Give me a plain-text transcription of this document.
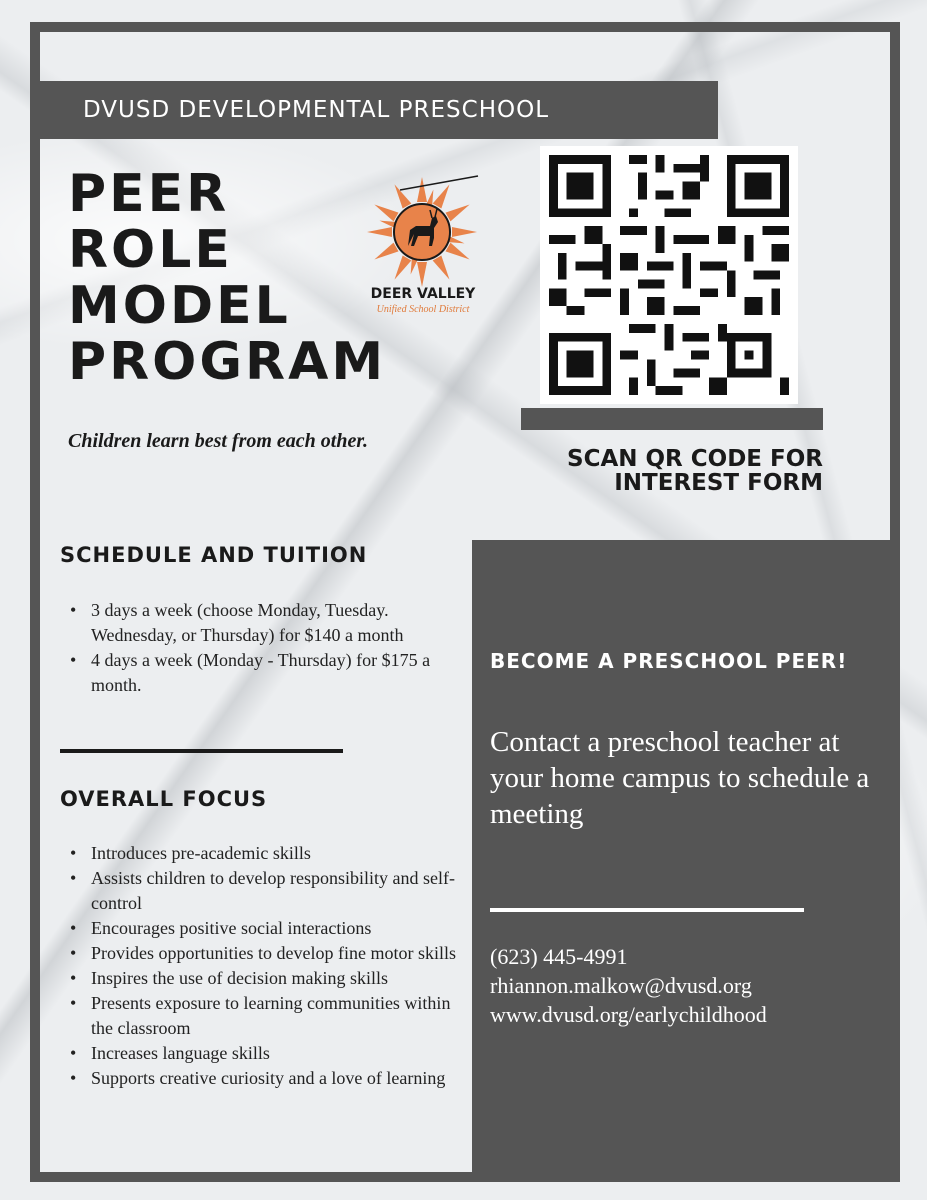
DVUSD DEVELOPMENTAL PRESCHOOL
PEER
ROLE
MODEL
PROGRAM
DEER VALLEY
Unified School District

Children learn best from each other.

SCAN QR CODE FOR INTEREST FORM

SCHEDULE AND TUITION
• 3 days a week (choose Monday, Tuesday. Wednesday, or Thursday) for $140 a month
• 4 days a week (Monday - Thursday) for $175 a month.
OVERALL FOCUS
• Introduces pre-academic skills
• Assists children to develop responsibility and self-control
• Encourages positive social interactions
• Provides opportunities to develop fine motor skills
• Inspires the use of decision making skills
• Presents exposure to learning communities within the classroom
• Increases language skills
• Supports creative curiosity and a love of learning
BECOME A PRESCHOOL PEER!

Contact a preschool teacher at your home campus to schedule a meeting

(623) 445-4991
rhiannon.malkow@dvusd.org
www.dvusd.org/earlychildhood
